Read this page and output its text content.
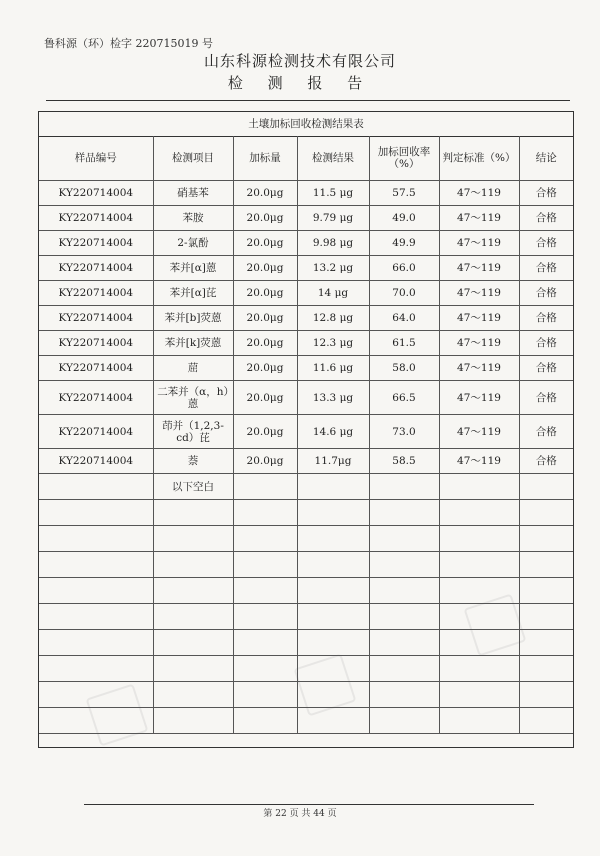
鲁科源（环）检字 220715019 号
山东科源检测技术有限公司
检 测 报 告
土壤加标回收检测结果表
样品编号	检测项目	加标量	检测结果	加标回收率（%）	判定标准（%）	结论
KY220714004	硝基苯	20.0μg	11.5 μg	57.5	47～119	合格
KY220714004	苯胺	20.0μg	9.79 μg	49.0	47～119	合格
KY220714004	2-氯酚	20.0μg	9.98 μg	49.9	47～119	合格
KY220714004	苯并[α]蒽	20.0μg	13.2 μg	66.0	47～119	合格
KY220714004	苯并[α]芘	20.0μg	14 μg	70.0	47～119	合格
KY220714004	苯并[b]荧蒽	20.0μg	12.8 μg	64.0	47～119	合格
KY220714004	苯并[k]荧蒽	20.0μg	12.3 μg	61.5	47～119	合格
KY220714004	䓛	20.0μg	11.6 μg	58.0	47～119	合格
KY220714004	二苯并（α，h）蒽	20.0μg	13.3 μg	66.5	47～119	合格
KY220714004	茚并（1,2,3-cd）芘	20.0μg	14.6 μg	73.0	47～119	合格
KY220714004	萘	20.0μg	11.7μg	58.5	47～119	合格
	以下空白					

第 22 页 共 44 页
